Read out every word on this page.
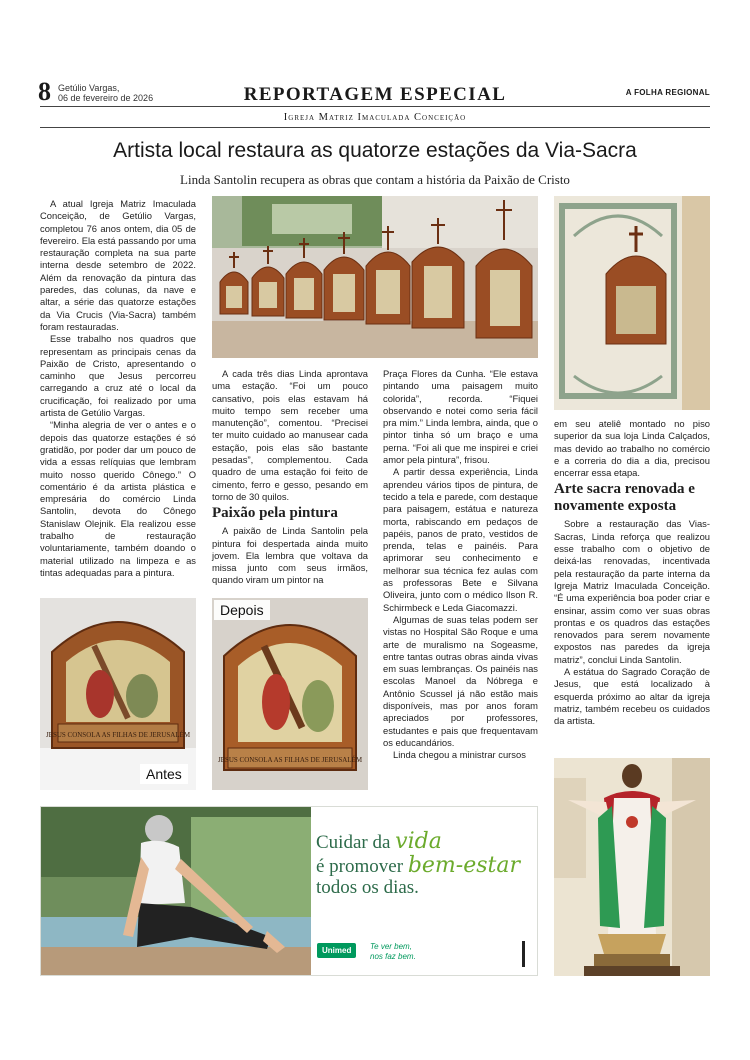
8 Getúlio Vargas,
06 de fevereiro de 2026	REPORTAGEM ESPECIAL	A FOLHA REGIONAL
Igreja Matriz Imaculada Conceição
Artista local restaura as quatorze estações da Via-Sacra
Linda Santolin recupera as obras que contam a história da Paixão de Cristo

A atual Igreja Matriz Imaculada Conceição, de Getúlio Vargas, completou 76 anos ontem, dia 05 de fevereiro. Ela está passando por uma restauração completa na sua parte interna desde setembro de 2022. Além da renovação da pintura das paredes, das colunas, da nave e altar, a série das quatorze estações da Via Crucis (Via-Sacra) também foram restauradas.

Esse trabalho nos quadros que representam as principais cenas da Paixão de Cristo, apresentando o caminho que Jesus percorreu carregando a cruz até o local da crucificação, foi realizado por uma artista de Getúlio Vargas.

“Minha alegria de ver o antes e o depois das quatorze estações é só gratidão, por poder dar um pouco de vida a essas relíquias que lembram muito nosso querido Cônego.” O comentário é da artista plástica e empresária do comércio Linda Santolin, devota do Cônego Stanislaw Olejnik. Ela realizou esse trabalho de restauração voluntariamente, também doando o material utilizado na limpeza e as tintas adequadas para a pintura.

A cada três dias Linda aprontava uma estação. “Foi um pouco cansativo, pois elas estavam há muito tempo sem receber uma manutenção”, comentou. “Precisei ter muito cuidado ao manusear cada estação, pois elas são bastante pesadas”, complementou. Cada quadro de uma estação foi feito de cimento, ferro e gesso, pesando em torno de 30 quilos.

Paixão pela pintura

A paixão de Linda Santolin pela pintura foi despertada ainda muito jovem. Ela lembra que voltava da missa junto com seus irmãos, quando viram um pintor na

Praça Flores da Cunha. “Ele estava pintando uma paisagem muito colorida”, recorda. “Fiquei observando e notei como seria fácil pra mim.” Linda lembra, ainda, que o pintor tinha só um braço e uma perna. “Foi ali que me inspirei e criei amor pela pintura”, frisou.

A partir dessa experiência, Linda aprendeu vários tipos de pintura, de tecido a tela e parede, com destaque para paisagem, estátua e natureza morta, rabiscando em pedaços de papéis, panos de prato, vestidos de prenda, telas e painéis. Para aprimorar seu conhecimento e melhorar sua técnica fez aulas com as professoras Bete e Silvana Oliveira, junto com o médico Ilson R. Schirmbeck e Leda Giacomazzi.

Algumas de suas telas podem ser vistas no Hospital São Roque e uma arte de muralismo na Sogeasme, entre tantas outras obras ainda vivas em suas lembranças. Os painéis nas escolas Manoel da Nóbrega e Antônio Scussel já não estão mais disponíveis, mas por anos foram apreciados por professores, estudantes e pais que frequentavam os educandários.

Linda chegou a ministrar cursos

em seu ateliê montado no piso superior da sua loja Linda Calçados, mas devido ao trabalho no comércio e a correria do dia a dia, precisou encerrar essa etapa.

Arte sacra renovada e novamente exposta

Sobre a restauração das Vias-Sacras, Linda reforça que realizou esse trabalho com o objetivo de deixá-las renovadas, incentivada pela restauração da parte interna da Igreja Matriz Imaculada Conceição. “É uma experiência boa poder criar e ensinar, assim como ver suas obras prontas e os quadros das estações renovados para serem novamente expostos nas paredes da igreja matriz”, conclui Linda Santolin.

A estátua do Sagrado Coração de Jesus, que está localizado à esquerda próximo ao altar da igreja matriz, também recebeu os cuidados da artista.

JESUS CONSOLA AS FILHAS DE JERUSALÉM
Antes
JESUS CONSOLA AS FILHAS DE JERUSALÉM
Depois
Cuidar da vida
é promover bem-estar
todos os dias.
Unimed	Te ver bem,
nos faz bem.
